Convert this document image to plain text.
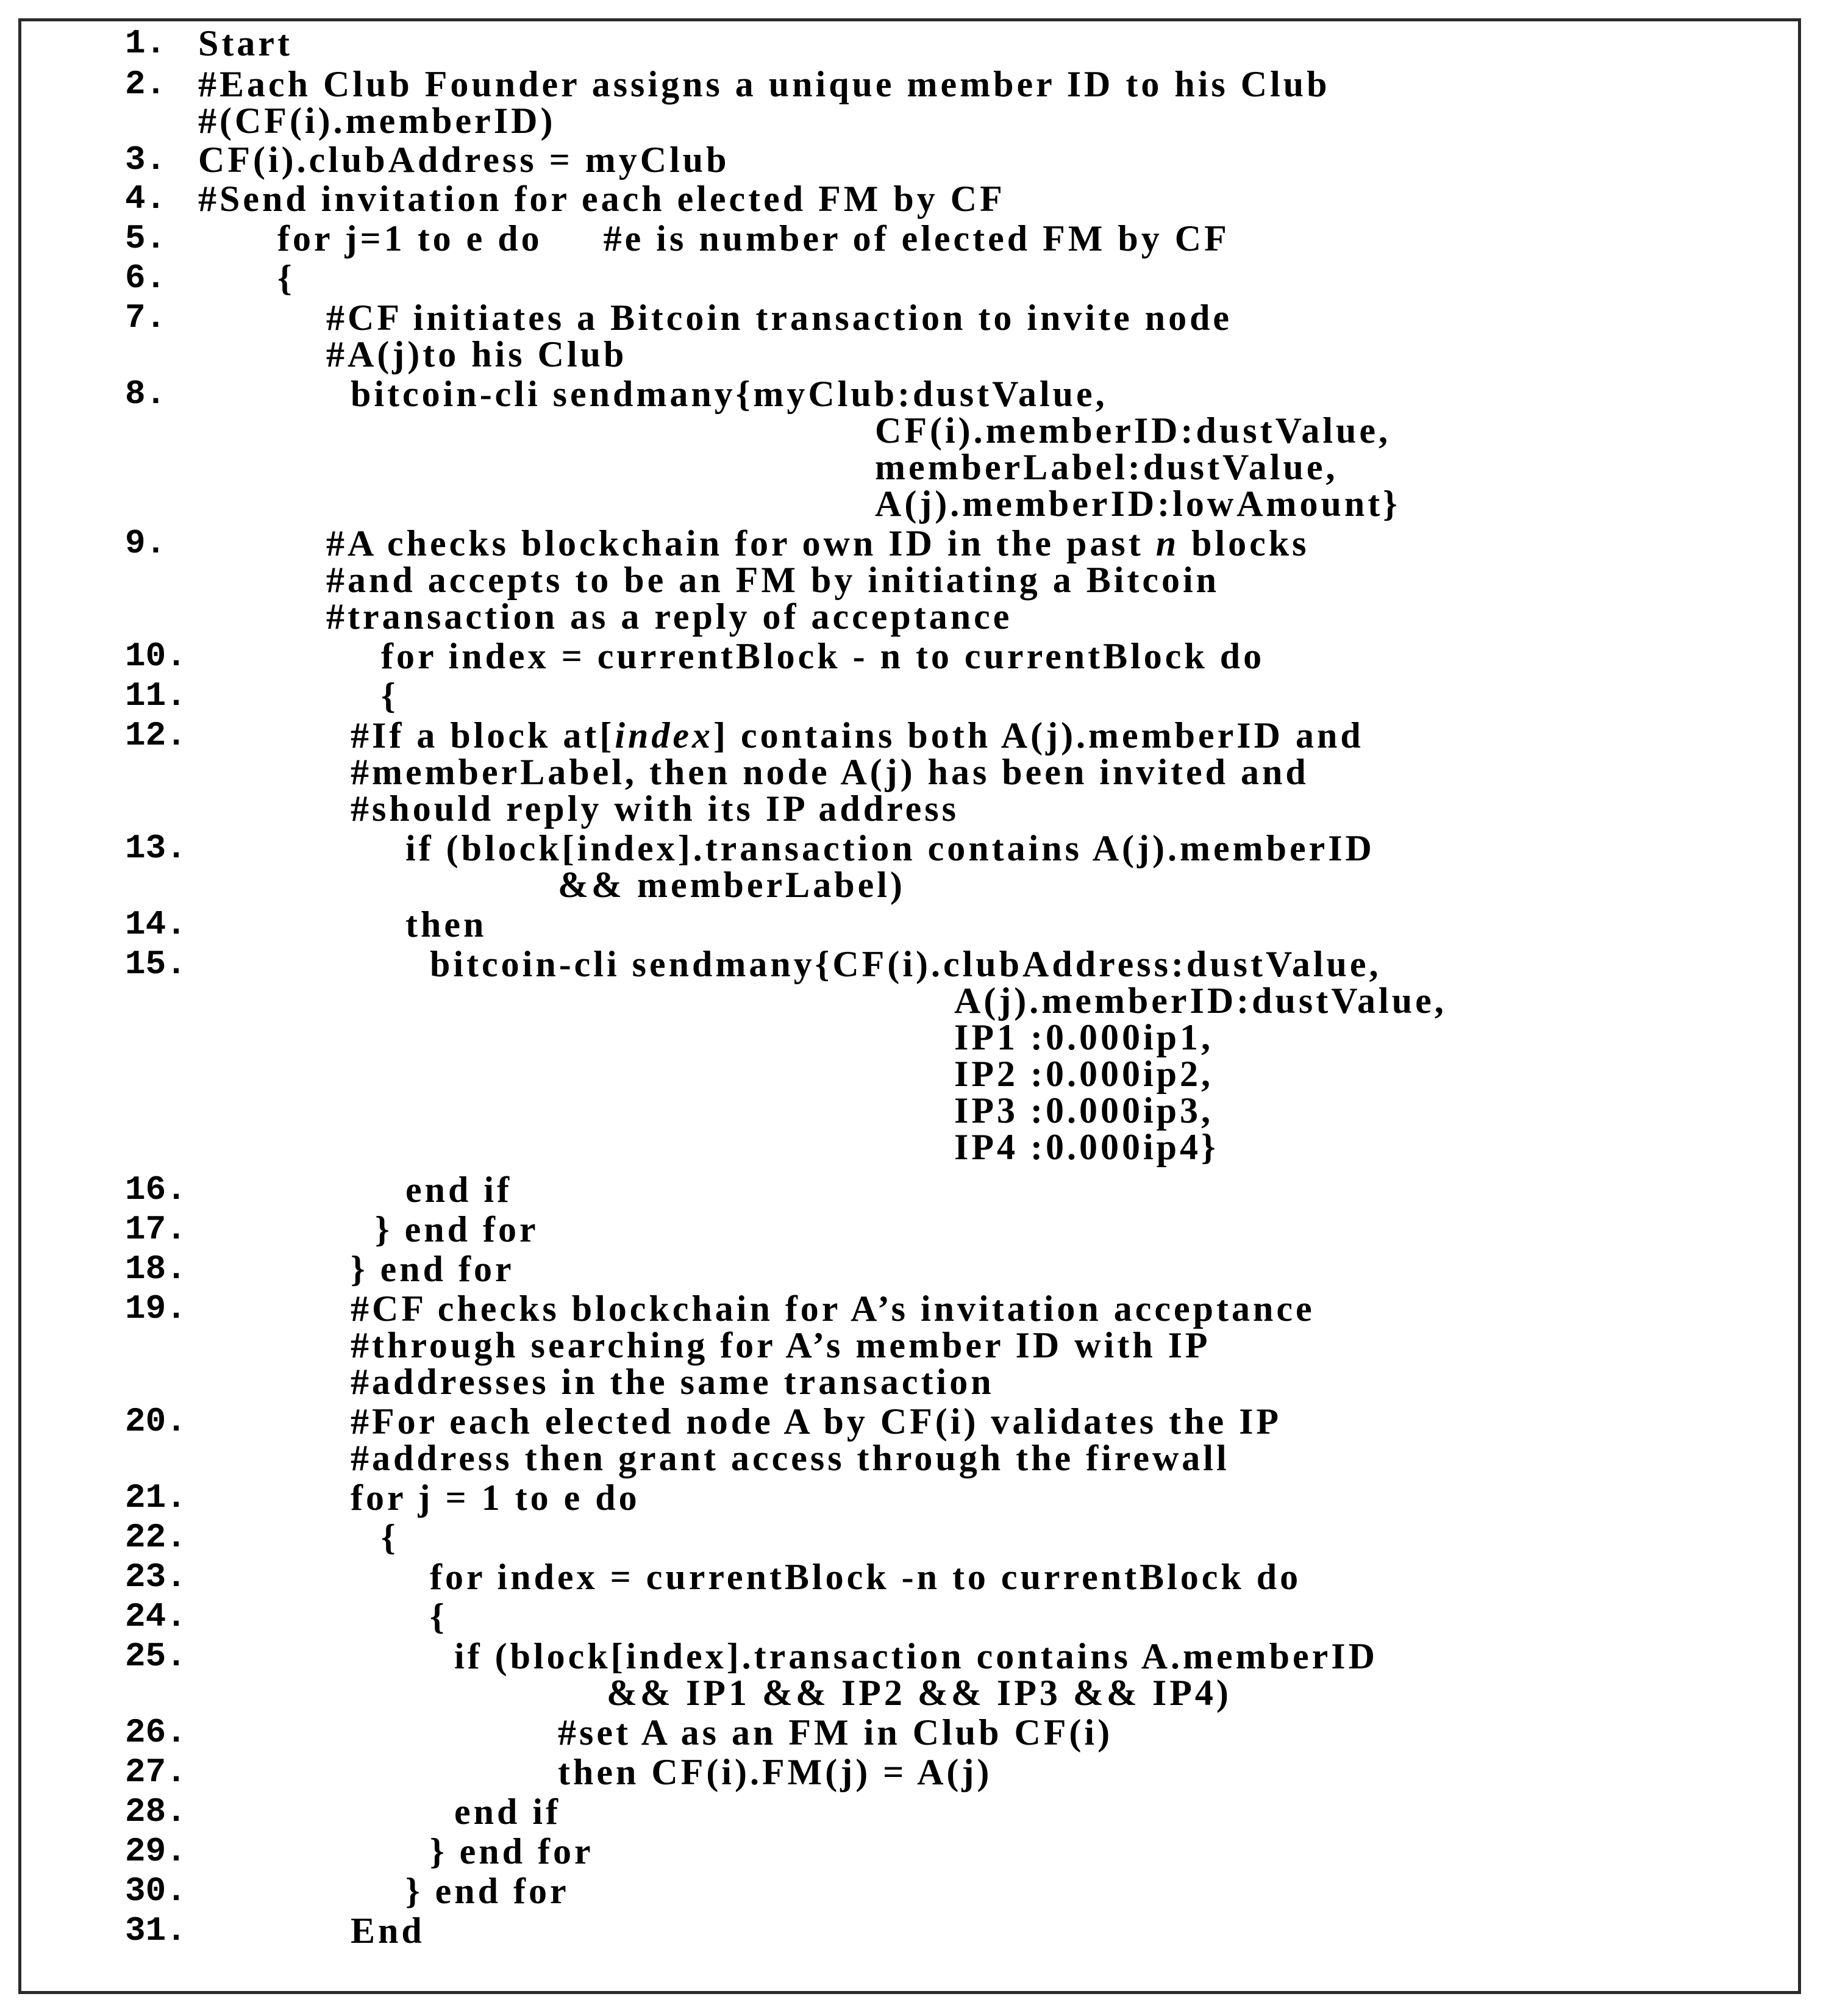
1. Start
2. #Each Club Founder assigns a unique member ID to his Club
#(CF(i).memberID)
3. CF(i).clubAddress = myClub
4. #Send invitation for each elected FM by CF
5.	for j=1 to e do     #e is number of elected FM by CF
6.	{
7.	#CF initiates a Bitcoin transaction to invite node
#A(j)to his Club
8.	bitcoin-cli sendmany{myClub:dustValue,
CF(i).memberID:dustValue,
memberLabel:dustValue,
A(j).memberID:lowAmount}
9.	#A checks blockchain for own ID in the past n blocks
#and accepts to be an FM by initiating a Bitcoin
#transaction as a reply of acceptance
10.	for index = currentBlock - n to currentBlock do
11.	{
12.	#If a block at[index] contains both A(j).memberID and
#memberLabel, then node A(j) has been invited and
#should reply with its IP address
13.	if (block[index].transaction contains A(j).memberID
&& memberLabel)
14.	then
15.	bitcoin-cli sendmany{CF(i).clubAddress:dustValue,
A(j).memberID:dustValue,
IP1 :0.000ip1,
IP2 :0.000ip2,
IP3 :0.000ip3,
IP4 :0.000ip4}
16.	end if
17.	} end for
18.	} end for
19.	#CF checks blockchain for A’s invitation acceptance
#through searching for A’s member ID with IP
#addresses in the same transaction
20.	#For each elected node A by CF(i) validates the IP
#address then grant access through the firewall
21.	for j = 1 to e do
22.	{
23.	for index = currentBlock -n to currentBlock do
24.	{
25.	if (block[index].transaction contains A.memberID
&& IP1 && IP2 && IP3 && IP4)
26.	#set A as an FM in Club CF(i)
27.	then CF(i).FM(j) = A(j)
28.	end if
29.	} end for
30.	} end for
31.	End
